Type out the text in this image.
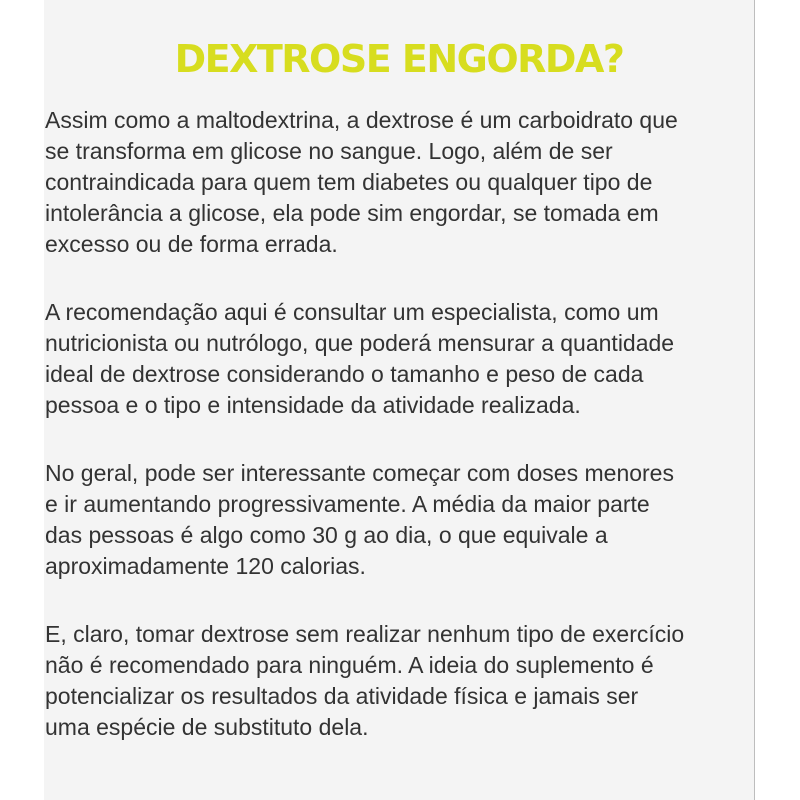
DEXTROSE ENGORDA?

Assim como a maltodextrina, a dextrose é um carboidrato que
se transforma em glicose no sangue. Logo, além de ser
contraindicada para quem tem diabetes ou qualquer tipo de
intolerância a glicose, ela pode sim engordar, se tomada em
excesso ou de forma errada.

A recomendação aqui é consultar um especialista, como um
nutricionista ou nutrólogo, que poderá mensurar a quantidade
ideal de dextrose considerando o tamanho e peso de cada
pessoa e o tipo e intensidade da atividade realizada.

No geral, pode ser interessante começar com doses menores
e ir aumentando progressivamente. A média da maior parte
das pessoas é algo como 30 g ao dia, o que equivale a
aproximadamente 120 calorias.

E, claro, tomar dextrose sem realizar nenhum tipo de exercício
não é recomendado para ninguém. A ideia do suplemento é
potencializar os resultados da atividade física e jamais ser
uma espécie de substituto dela.
